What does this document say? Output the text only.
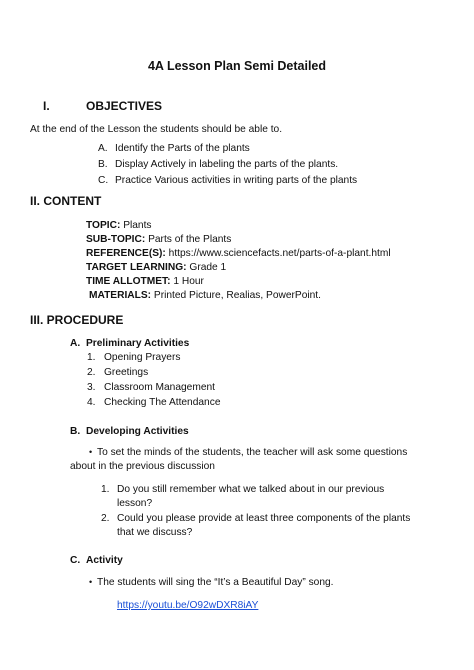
4A Lesson Plan Semi Detailed
I.	OBJECTIVES
At the end of the Lesson the students should be able to.
A. Identify the Parts of the plants
B. Display Actively in labeling the parts of the plants.
C. Practice Various activities in writing parts of the plants
II. CONTENT
TOPIC: Plants
SUB-TOPIC: Parts of the Plants
REFERENCE(S): https://www.sciencefacts.net/parts-of-a-plant.html
TARGET LEARNING: Grade 1
TIME ALLOTMET: 1 Hour
MATERIALS: Printed Picture, Realias, PowerPoint.
III. PROCEDURE
A. Preliminary Activities
1. Opening Prayers
2. Greetings
3. Classroom Management
4. Checking The Attendance
B. Developing Activities
• To set the minds of the students, the teacher will ask some questions
about in the previous discussion
1. Do you still remember what we talked about in our previous
lesson?
2. Could you please provide at least three components of the plants
that we discuss?
C. Activity
• The students will sing the “It’s a Beautiful Day” song.
https://youtu.be/O92wDXR8iAY
